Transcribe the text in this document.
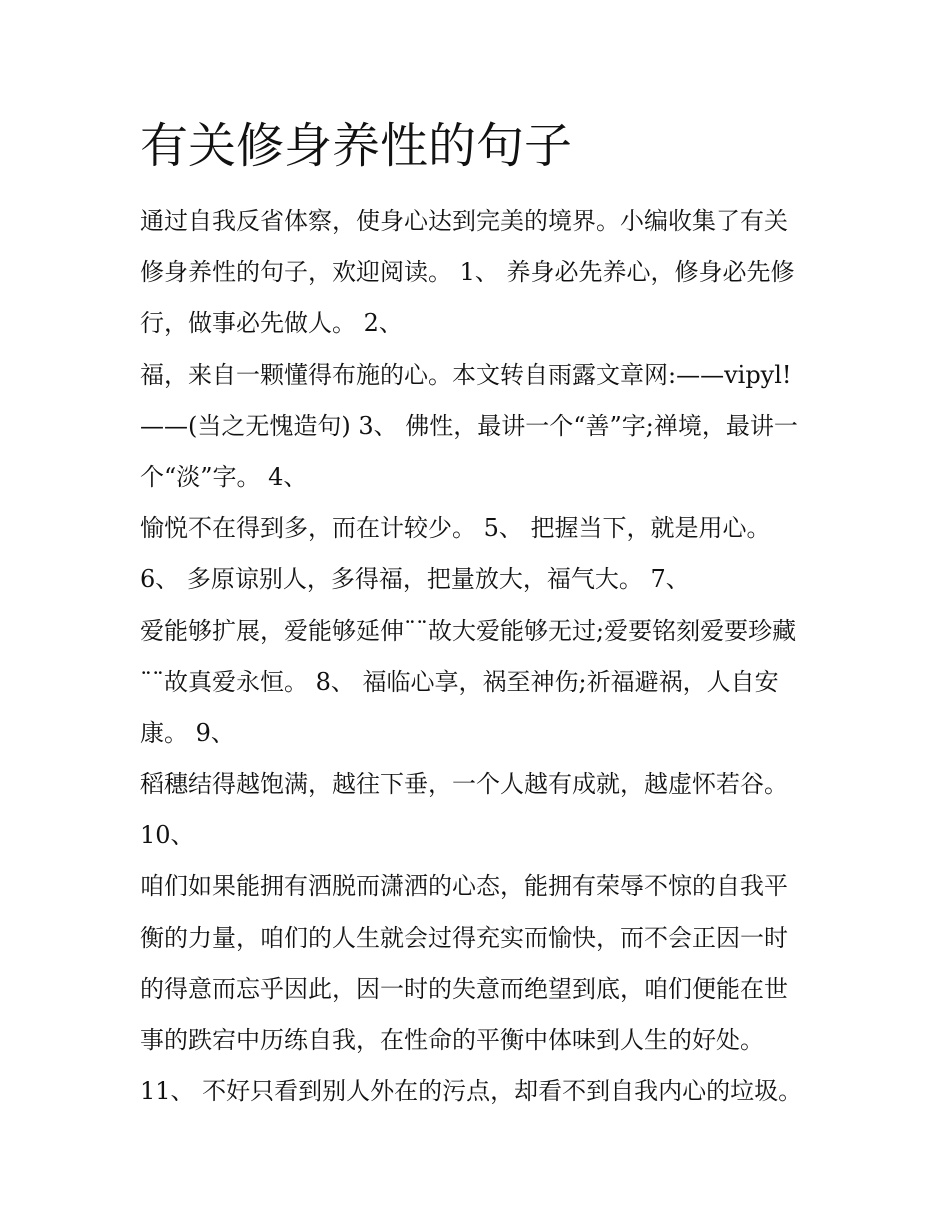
有关修身养性的句子
通过自我反省体察，使身心达到完美的境界。小编收集了有关
修身养性的句子，欢迎阅读。 1、 养身必先养心，修身必先修
行，做事必先做人。 2、
福，来自一颗懂得布施的心。本文转自雨露文章网:——vipyl!
——(当之无愧造句) 3、 佛性，最讲一个“善”字;禅境，最讲一
个“淡”字。 4、
愉悦不在得到多，而在计较少。 5、 把握当下，就是用心。
6、 多原谅别人，多得福，把量放大，福气大。 7、
爱能够扩展，爱能够延伸¨¨故大爱能够无过;爱要铭刻爱要珍藏
¨¨故真爱永恒。 8、 福临心享，祸至神伤;祈福避祸，人自安
康。 9、
稻穗结得越饱满，越往下垂，一个人越有成就，越虚怀若谷。
10、
咱们如果能拥有洒脱而潇洒的心态，能拥有荣辱不惊的自我平
衡的力量，咱们的人生就会过得充实而愉快，而不会正因一时
的得意而忘乎因此，因一时的失意而绝望到底，咱们便能在世
事的跌宕中历练自我，在性命的平衡中体味到人生的好处。
11、 不好只看到别人外在的污点，却看不到自我内心的垃圾。
